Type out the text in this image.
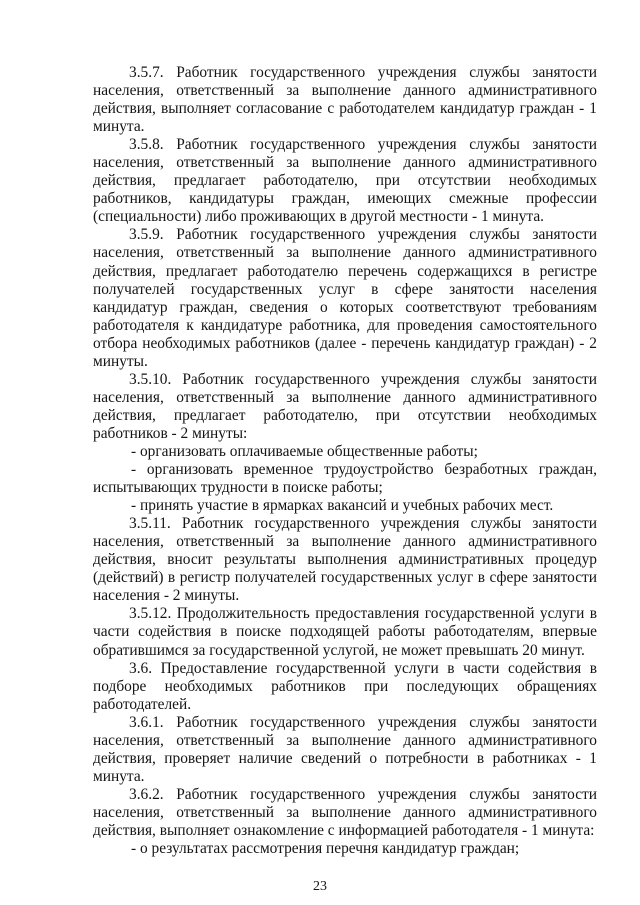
3.5.7. Работник государственного учреждения службы занятости населения, ответственный за выполнение данного административного действия, выполняет согласование с работодателем кандидатур граждан - 1 минута.

3.5.8. Работник государственного учреждения службы занятости населения, ответственный за выполнение данного административного действия, предлагает работодателю, при отсутствии необходимых работников, кандидатуры граждан, имеющих смежные профессии (специальности) либо проживающих в другой местности - 1 минута.

3.5.9. Работник государственного учреждения службы занятости населения, ответственный за выполнение данного административного действия, предлагает работодателю перечень содержащихся в регистре получателей государственных услуг в сфере занятости населения кандидатур граждан, сведения о которых соответствуют требованиям работодателя к кандидатуре работника, для проведения самостоятельного отбора необходимых работников (далее - перечень кандидатур граждан) - 2 минуты.

3.5.10. Работник государственного учреждения службы занятости населения, ответственный за выполнение данного административного действия, предлагает работодателю, при отсутствии необходимых работников - 2 минуты:

- организовать оплачиваемые общественные работы;

- организовать временное трудоустройство безработных граждан, испытывающих трудности в поиске работы;

- принять участие в ярмарках вакансий и учебных рабочих мест.

3.5.11. Работник государственного учреждения службы занятости населения, ответственный за выполнение данного административного действия, вносит результаты выполнения административных процедур (действий) в регистр получателей государственных услуг в сфере занятости населения - 2 минуты.

3.5.12. Продолжительность предоставления государственной услуги в части содействия в поиске подходящей работы работодателям, впервые обратившимся за государственной услугой, не может превышать 20 минут.

3.6. Предоставление государственной услуги в части содействия в подборе необходимых работников при последующих обращениях работодателей.

3.6.1. Работник государственного учреждения службы занятости населения, ответственный за выполнение данного административного действия, проверяет наличие сведений о потребности в работниках - 1 минута.

3.6.2. Работник государственного учреждения службы занятости населения, ответственный за выполнение данного административного действия, выполняет ознакомление с информацией работодателя - 1 минута:

- о результатах рассмотрения перечня кандидатур граждан;

23
